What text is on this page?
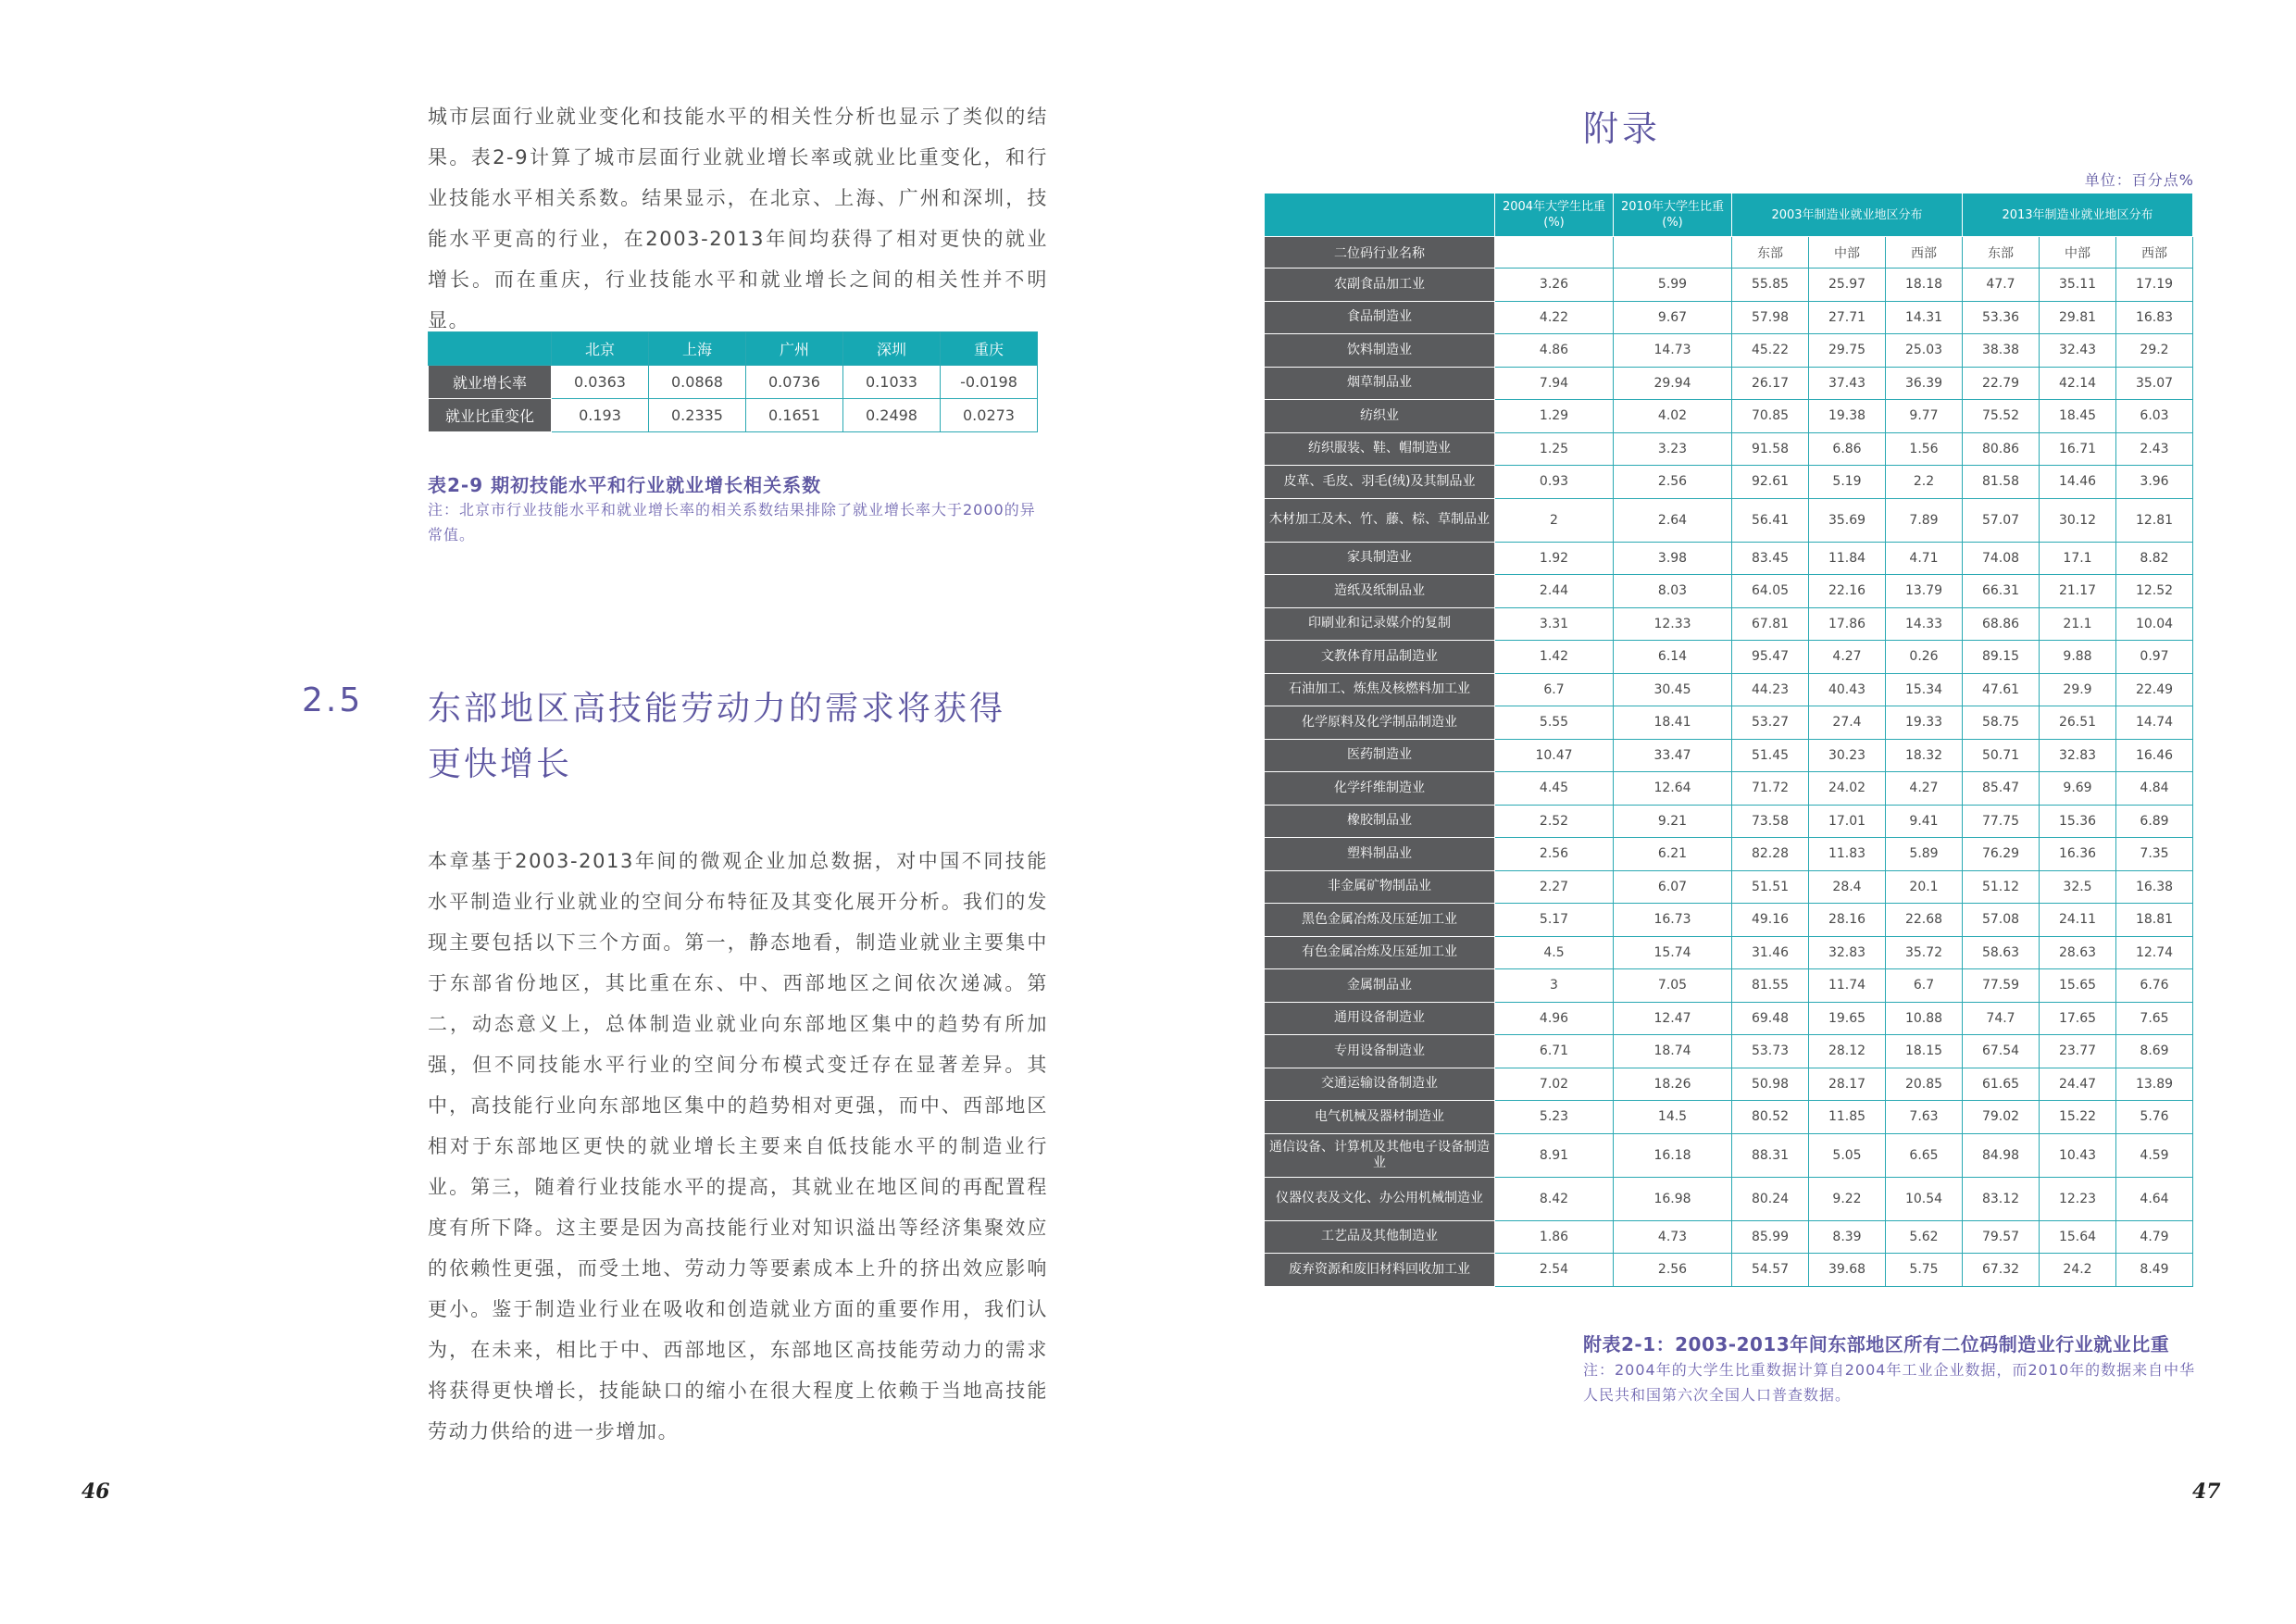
城市层面行业就业变化和技能水平的相关性分析也显示了类似的结果。表2-9计算了城市层面行业就业增长率或就业比重变化，和行业技能水平相关系数。结果显示，在北京、上海、广州和深圳，技能水平更高的行业，在2003-2013年间均获得了相对更快的就业增长。而在重庆，行业技能水平和就业增长之间的相关性并不明显。

	北京	上海	广州	深圳	重庆
就业增长率	0.0363	0.0868	0.0736	0.1033	-0.0198
就业比重变化	0.193	0.2335	0.1651	0.2498	0.0273
表2-9 期初技能水平和行业就业增长相关系数

注：北京市行业技能水平和就业增长率的相关系数结果排除了就业增长率大于2000的异常值。

2.5 东部地区高技能劳动力的需求将获得更快增长

本章基于2003-2013年间的微观企业加总数据，对中国不同技能水平制造业行业就业的空间分布特征及其变化展开分析。我们的发现主要包括以下三个方面。第一，静态地看，制造业就业主要集中于东部省份地区，其比重在东、中、西部地区之间依次递减。第二，动态意义上，总体制造业就业向东部地区集中的趋势有所加强，但不同技能水平行业的空间分布模式变迁存在显著差异。其中，高技能行业向东部地区集中的趋势相对更强，而中、西部地区相对于东部地区更快的就业增长主要来自低技能水平的制造业行业。第三，随着行业技能水平的提高，其就业在地区间的再配置程度有所下降。这主要是因为高技能行业对知识溢出等经济集聚效应的依赖性更强，而受土地、劳动力等要素成本上升的挤出效应影响更小。鉴于制造业行业在吸收和创造就业方面的重要作用，我们认为，在未来，相比于中、西部地区，东部地区高技能劳动力的需求将获得更快增长，技能缺口的缩小在很大程度上依赖于当地高技能劳动力供给的进一步增加。

46
附录
单位：百分点%
	2004年大学生比重(%)	2010年大学生比重(%)	2003年制造业就业地区分布			2013年制造业就业地区分布		
二位码行业名称			东部	中部	西部	东部	中部	西部
农副食品加工业	3.26	5.99	55.85	25.97	18.18	47.7	35.11	17.19
食品制造业	4.22	9.67	57.98	27.71	14.31	53.36	29.81	16.83
饮料制造业	4.86	14.73	45.22	29.75	25.03	38.38	32.43	29.2
烟草制品业	7.94	29.94	26.17	37.43	36.39	22.79	42.14	35.07
纺织业	1.29	4.02	70.85	19.38	9.77	75.52	18.45	6.03
纺织服装、鞋、帽制造业	1.25	3.23	91.58	6.86	1.56	80.86	16.71	2.43
皮革、毛皮、羽毛(绒)及其制品业	0.93	2.56	92.61	5.19	2.2	81.58	14.46	3.96
木材加工及木、竹、藤、棕、草制品业	2	2.64	56.41	35.69	7.89	57.07	30.12	12.81
家具制造业	1.92	3.98	83.45	11.84	4.71	74.08	17.1	8.82
造纸及纸制品业	2.44	8.03	64.05	22.16	13.79	66.31	21.17	12.52
印刷业和记录媒介的复制	3.31	12.33	67.81	17.86	14.33	68.86	21.1	10.04
文教体育用品制造业	1.42	6.14	95.47	4.27	0.26	89.15	9.88	0.97
石油加工、炼焦及核燃料加工业	6.7	30.45	44.23	40.43	15.34	47.61	29.9	22.49
化学原料及化学制品制造业	5.55	18.41	53.27	27.4	19.33	58.75	26.51	14.74
医药制造业	10.47	33.47	51.45	30.23	18.32	50.71	32.83	16.46
化学纤维制造业	4.45	12.64	71.72	24.02	4.27	85.47	9.69	4.84
橡胶制品业	2.52	9.21	73.58	17.01	9.41	77.75	15.36	6.89
塑料制品业	2.56	6.21	82.28	11.83	5.89	76.29	16.36	7.35
非金属矿物制品业	2.27	6.07	51.51	28.4	20.1	51.12	32.5	16.38
黑色金属冶炼及压延加工业	5.17	16.73	49.16	28.16	22.68	57.08	24.11	18.81
有色金属冶炼及压延加工业	4.5	15.74	31.46	32.83	35.72	58.63	28.63	12.74
金属制品业	3	7.05	81.55	11.74	6.7	77.59	15.65	6.76
通用设备制造业	4.96	12.47	69.48	19.65	10.88	74.7	17.65	7.65
专用设备制造业	6.71	18.74	53.73	28.12	18.15	67.54	23.77	8.69
交通运输设备制造业	7.02	18.26	50.98	28.17	20.85	61.65	24.47	13.89
电气机械及器材制造业	5.23	14.5	80.52	11.85	7.63	79.02	15.22	5.76
通信设备、计算机及其他电子设备制造业	8.91	16.18	88.31	5.05	6.65	84.98	10.43	4.59
仪器仪表及文化、办公用机械制造业	8.42	16.98	80.24	9.22	10.54	83.12	12.23	4.64
工艺品及其他制造业	1.86	4.73	85.99	8.39	5.62	79.57	15.64	4.79
废弃资源和废旧材料回收加工业	2.54	2.56	54.57	39.68	5.75	67.32	24.2	8.49
附表2-1：2003-2013年间东部地区所有二位码制造业行业就业比重

注：2004年的大学生比重数据计算自2004年工业企业数据，而2010年的数据来自中华人民共和国第六次全国人口普查数据。

47
